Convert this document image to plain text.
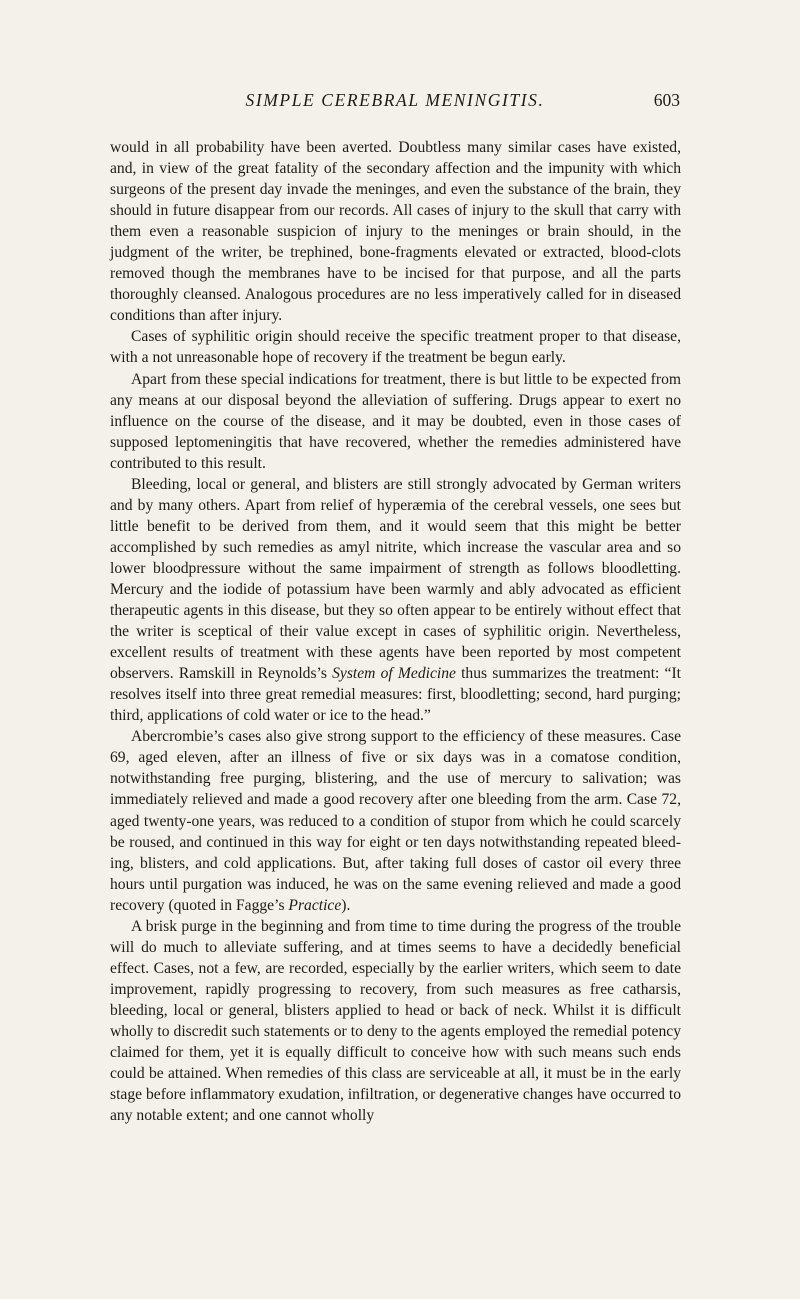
SIMPLE CEREBRAL MENINGITIS.	603

would in all probability have been averted. Doubtless many similar cases have existed, and, in view of the great fatality of the secondary affection and the impunity with which surgeons of the present day invade the meninges, and even the substance of the brain, they should in future disappear from our records. All cases of injury to the skull that carry with them even a reasonable suspicion of injury to the meninges or brain should, in the judgment of the writer, be trephined, bone-fragments elevated or extracted, blood-clots removed though the membranes have to be incised for that purpose, and all the parts thoroughly cleansed. Analogous procedures are no less imperatively called for in diseased conditions than after injury.

Cases of syphilitic origin should receive the specific treatment proper to that disease, with a not unreasonable hope of recovery if the treatment be begun early.

Apart from these special indications for treatment, there is but little to be expected from any means at our disposal beyond the alleviation of suffering. Drugs appear to exert no influence on the course of the disease, and it may be doubted, even in those cases of supposed leptomeningitis that have recovered, whether the remedies administered have contributed to this result.

Bleeding, local or general, and blisters are still strongly advocated by German writers and by many others. Apart from relief of hyperæmia of the cerebral vessels, one sees but little benefit to be derived from them, and it would seem that this might be better accomplished by such remedies as amyl nitrite, which increase the vascular area and so lower bloodpressure without the same impairment of strength as follows bloodletting. Mercury and the iodide of potassium have been warmly and ably advocated as efficient therapeutic agents in this disease, but they so often appear to be entirely without effect that the writer is sceptical of their value except in cases of syphilitic origin. Nevertheless, excellent results of treatment with these agents have been reported by most competent observers. Ramskill in Reynolds’s System of Medicine thus summarizes the treatment: “It resolves itself into three great remedial measures: first, bloodletting; second, hard purging; third, applications of cold water or ice to the head.”

Abercrombie’s cases also give strong support to the efficiency of these measures. Case 69, aged eleven, after an illness of five or six days was in a comatose condition, notwithstanding free purging, blistering, and the use of mercury to salivation; was immediately relieved and made a good recovery after one bleeding from the arm. Case 72, aged twenty-one years, was reduced to a condition of stupor from which he could scarcely be roused, and continued in this way for eight or ten days notwithstanding repeated bleeding, blisters, and cold applications. But, after taking full doses of castor oil every three hours until purgation was induced, he was on the same evening relieved and made a good recovery (quoted in Fagge’s Practice).

A brisk purge in the beginning and from time to time during the progress of the trouble will do much to alleviate suffering, and at times seems to have a decidedly beneficial effect. Cases, not a few, are recorded, especially by the earlier writers, which seem to date improvement, rapidly progressing to recovery, from such measures as free catharsis, bleeding, local or general, blisters applied to head or back of neck. Whilst it is difficult wholly to discredit such statements or to deny to the agents employed the remedial potency claimed for them, yet it is equally difficult to conceive how with such means such ends could be attained. When remedies of this class are serviceable at all, it must be in the early stage before inflammatory exudation, infiltration, or degenerative changes have occurred to any notable extent; and one cannot wholly
